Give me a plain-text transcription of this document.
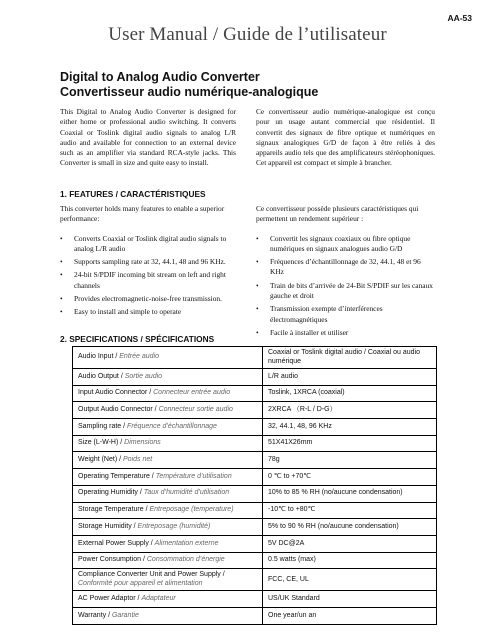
AA-53
User Manual / Guide de l’utilisateur
Digital to Analog Audio Converter
Convertisseur audio numérique-analogique

This Digital to Analog Audio Converter is designed for either home or professional audio switching. It converts Coaxial or Toslink digital audio signals to analog L/R audio and available for connection to an external device such as an amplifier via standard RCA-style jacks. This Converter is small in size and quite easy to install.

Ce convertisseur audio numérique-analogique est conçu pour un usage autant commercial que résidentiel. Il convertit des signaux de fibre optique et numériques en signaux analogiques G/D de façon à être reliés à des appareils audio tels que des amplificateurs stéréophoniques. Cet appareil est compact et simple à brancher.

1. FEATURES / CARACTÉRISTIQUES

This converter holds many features to enable a superior performance:

• Converts Coaxial or Toslink digital audio signals to analog L/R audio
• Supports sampling rate at 32, 44.1, 48 and 96 KHz.
• 24-bit S/PDIF incoming bit stream on left and right channels
• Provides electromagnetic-noise-free transmission.
• Easy to install and simple to operate

Ce convertisseur possède plusieurs caractéristiques qui permettent un rendement supérieur :

• Convertit les signaux coaxiaux ou fibre optique numériques en signaux analogues audio G/D
• Fréquences d’échantillonnage de 32, 44.1, 48 et 96 KHz
• Train de bits d’arrivée de 24-Bit S/PDIF sur les canaux gauche et droit
• Transmission exempte d’interférences électromagnétiques
• Facile à installer et utiliser
2. SPECIFICATIONS / SPÉCIFICATIONS
Audio Input / Entrée audio	Coaxial or Toslink digital audio / Coaxial ou audio numérique
Audio Output / Sortie audio	L/R audio
Input Audio Connector / Connecteur entrée audio	Toslink, 1XRCA (coaxial)
Output Audio Connector / Connecteur sortie audio	2XRCA （R-L / D-G）
Sampling rate / Fréquence d’échantillonnage	32, 44.1, 48, 96 KHz
Size (L-W-H) / Dimensions	51X41X26mm
Weight (Net) / Poids net	78g
Operating Temperature / Température d’utilisation	0 ℃ to +70℃
Operating Humidity / Taux d’humidité d’utilisation	10% to 85 % RH (no/aucune condensation)
Storage Temperature / Entreposage (temperature)	-10℃ to +80℃
Storage Humidity / Entreposage (humidité)	5% to 90 % RH (no/aucune condensation)
External Power Supply / Alimentation externe	5V DC@2A
Power Consumption / Consommation d’énergie	0.5 watts (max)
Compliance Converter Unit and Power Supply /
Conformité pour appareil et alimentation	FCC, CE, UL
AC Power Adaptor / Adaptateur	US/UK Standard
Warranty / Garantie	One year/un an
